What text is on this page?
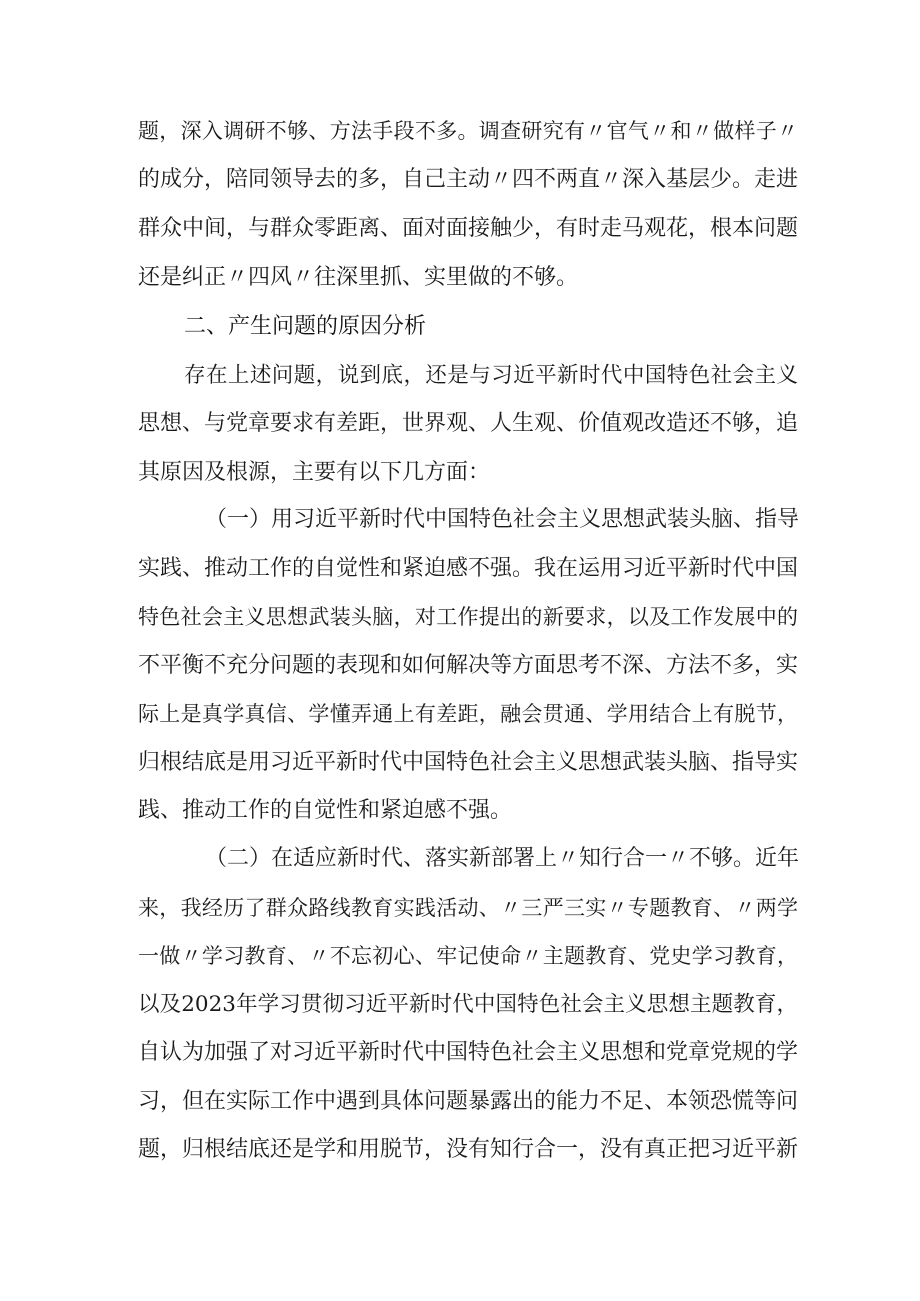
题，深入调研不够、方法手段不多。调查研究有〃官气〃和〃做样子〃
的成分，陪同领导去的多，自己主动〃四不两直〃深入基层少。走进
群众中间，与群众零距离、面对面接触少，有时走马观花，根本问题
还是纠正〃四风〃往深里抓、实里做的不够。
二、产生问题的原因分析
存在上述问题，说到底，还是与习近平新时代中国特色社会主义
思想、与党章要求有差距，世界观、人生观、价值观改造还不够，追
其原因及根源，主要有以下几方面：
（一）用习近平新时代中国特色社会主义思想武装头脑、指导
实践、推动工作的自觉性和紧迫感不强。我在运用习近平新时代中国
特色社会主义思想武装头脑，对工作提出的新要求，以及工作发展中的
不平衡不充分问题的表现和如何解决等方面思考不深、方法不多，实
际上是真学真信、学懂弄通上有差距，融会贯通、学用结合上有脱节，
归根结底是用习近平新时代中国特色社会主义思想武装头脑、指导实
践、推动工作的自觉性和紧迫感不强。
（二）在适应新时代、落实新部署上〃知行合一〃不够。近年
来，我经历了群众路线教育实践活动、〃三严三实〃专题教育、〃两学
一做〃学习教育、〃不忘初心、牢记使命〃主题教育、党史学习教育，
以及2023年学习贯彻习近平新时代中国特色社会主义思想主题教育，
自认为加强了对习近平新时代中国特色社会主义思想和党章党规的学
习，但在实际工作中遇到具体问题暴露出的能力不足、本领恐慌等问
题，归根结底还是学和用脱节，没有知行合一，没有真正把习近平新
